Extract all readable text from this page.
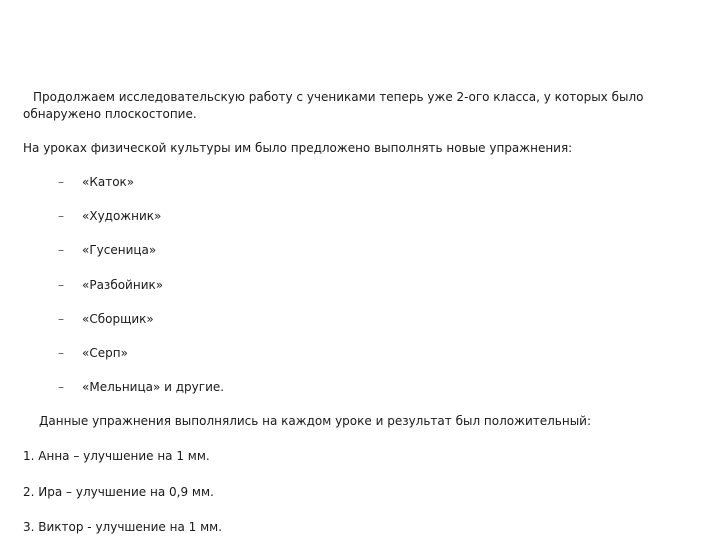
Продолжаем исследовательскую работу с учениками теперь уже 2-ого класса, у которых было обнаружено плоскостопие.

На уроках физической культуры им было предложено выполнять новые упражнения:

– «Каток»
– «Художник»
– «Гусеница»
– «Разбойник»
– «Сборщик»
– «Серп»
– «Мельница» и другие.

Данные упражнения выполнялись на каждом уроке и результат был положительный:

1. Анна – улучшение на 1 мм.

2. Ира – улучшение на 0,9 мм.

3. Виктор - улучшение на 1 мм.
